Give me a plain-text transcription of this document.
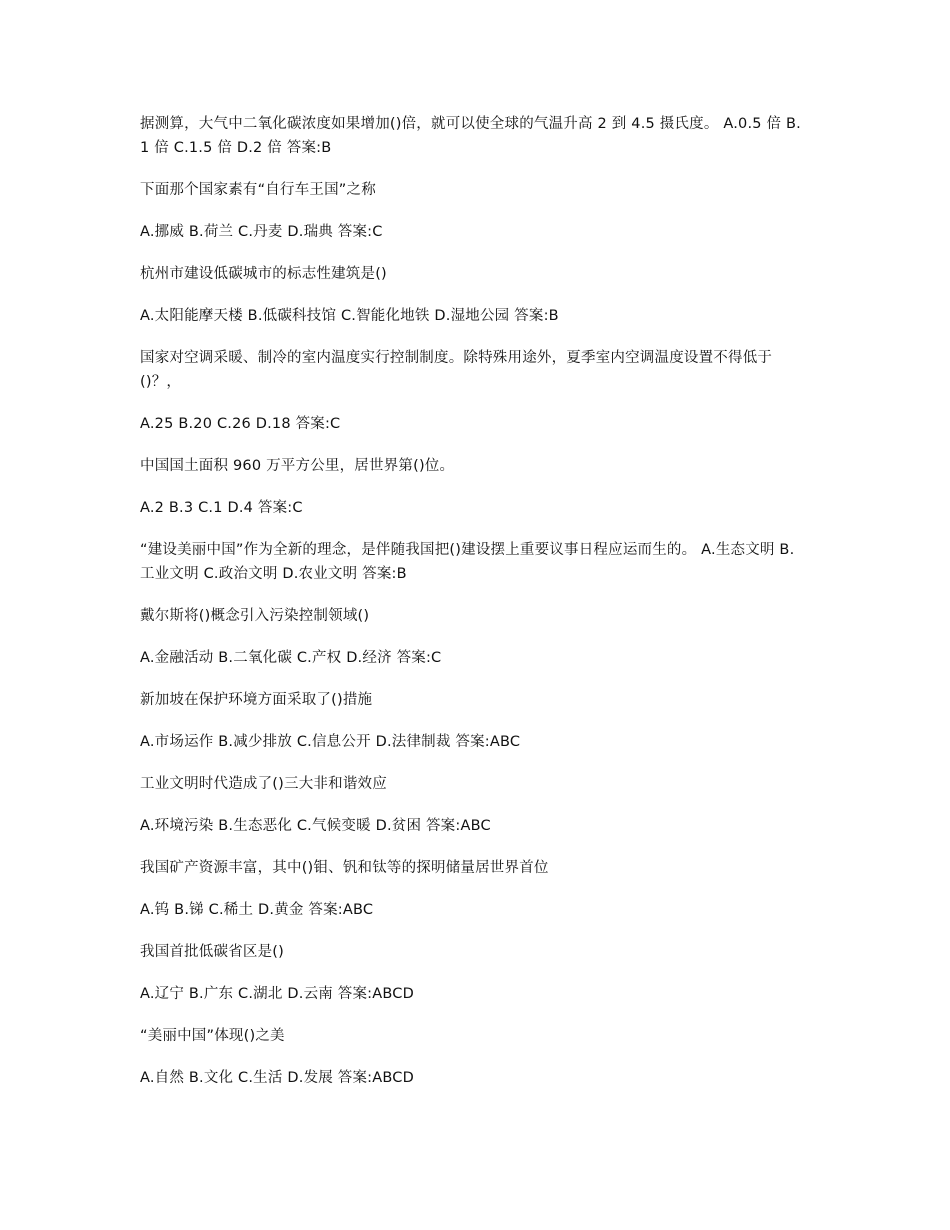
据测算，大气中二氧化碳浓度如果增加()倍，就可以使全球的气温升高 2 到 4.5 摄氏度。 A.0.5 倍 B.1 倍 C.1.5 倍 D.2 倍 答案:B

下面那个国家素有“自行车王国”之称

A.挪威 B.荷兰 C.丹麦 D.瑞典 答案:C

杭州市建设低碳城市的标志性建筑是()

A.太阳能摩天楼 B.低碳科技馆 C.智能化地铁 D.湿地公园 答案:B

国家对空调采暖、制冷的室内温度实行控制制度。除特殊用途外，夏季室内空调温度设置不得低于()？，

A.25 B.20 C.26 D.18 答案:C

中国国土面积 960 万平方公里，居世界第()位。

A.2 B.3 C.1 D.4 答案:C

“建设美丽中国”作为全新的理念，是伴随我国把()建设摆上重要议事日程应运而生的。 A.生态文明 B.工业文明 C.政治文明 D.农业文明 答案:B

戴尔斯将()概念引入污染控制领域()

A.金融活动 B.二氧化碳 C.产权 D.经济 答案:C

新加坡在保护环境方面采取了()措施

A.市场运作 B.减少排放 C.信息公开 D.法律制裁 答案:ABC

工业文明时代造成了()三大非和谐效应

A.环境污染 B.生态恶化 C.气候变暖 D.贫困 答案:ABC

我国矿产资源丰富，其中()钼、钒和钛等的探明储量居世界首位

A.钨 B.锑 C.稀土 D.黄金 答案:ABC

我国首批低碳省区是()

A.辽宁 B.广东 C.湖北 D.云南 答案:ABCD

“美丽中国”体现()之美

A.自然 B.文化 C.生活 D.发展 答案:ABCD
